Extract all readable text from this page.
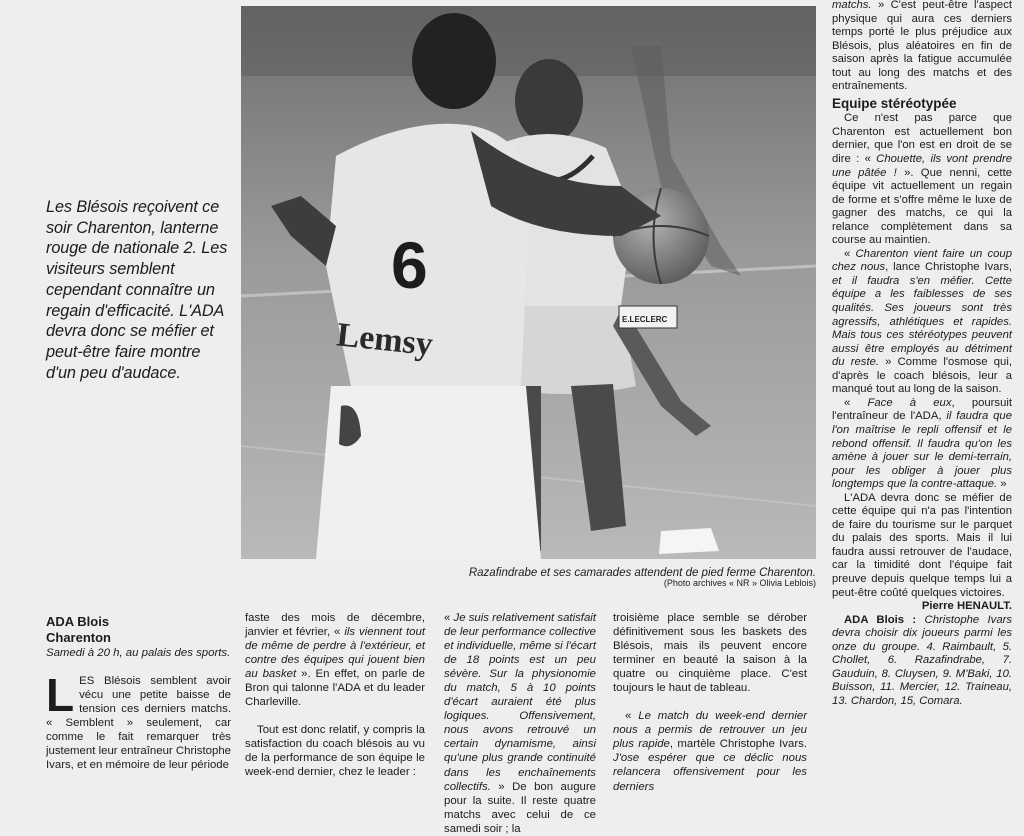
Les Blésois reçoivent ce soir Charenton, lanterne rouge de nationale 2. Les visiteurs semblent cependant connaître un regain d'efficacité. L'ADA devra donc se méfier et peut-être faire montre d'un peu d'audace.
6
Lemsy	E.LECLERC
Razafindrabe et ses camarades attendent de pied ferme Charenton.
(Photo archives « NR » Olivia Leblois)
ADA Blois
Charenton
Samedi à 20 h, au palais des sports.

LES Blésois semblent avoir vécu une petite baisse de tension ces derniers matchs. « Semblent » seulement, car comme le fait remarquer très justement leur entraîneur Christophe Ivars, et en mémoire de leur période

faste des mois de décembre, janvier et février, « ils viennent tout de même de perdre à l'extérieur, et contre des équipes qui jouent bien au basket ». En effet, on parle de Bron qui talonne l'ADA et du leader Charleville.

Tout est donc relatif, y compris la satisfaction du coach blésois au vu de la performance de son équipe le week-end dernier, chez le leader :

« Je suis relativement satisfait de leur performance collective et individuelle, même si l'écart de 18 points est un peu sévère. Sur la physionomie du match, 5 à 10 points d'écart auraient été plus logiques. Offensivement, nous avons retrouvé un certain dynamisme, ainsi qu'une plus grande continuité dans les enchaînements collectifs. » De bon augure pour la suite. Il reste quatre matchs avec celui de ce samedi soir ; la

troisième place semble se dérober définitivement sous les baskets des Blésois, mais ils peuvent encore terminer en beauté la saison à la quatre ou cinquième place. C'est toujours le haut de tableau.

« Le match du week-end dernier nous a permis de retrouver un jeu plus rapide, martèle Christophe Ivars. J'ose espérer que ce déclic nous relancera offensivement pour les derniers

matchs. » C'est peut-être l'aspect physique qui aura ces derniers temps porté le plus préjudice aux Blésois, plus aléatoires en fin de saison après la fatigue accumulée tout au long des matchs et des entraînements.

Equipe stéréotypée

Ce n'est pas parce que Charenton est actuellement bon dernier, que l'on est en droit de se dire : « Chouette, ils vont prendre une pâtée ! ». Que nenni, cette équipe vit actuellement un regain de forme et s'offre même le luxe de gagner des matchs, ce qui la relance complètement dans sa course au maintien.

« Charenton vient faire un coup chez nous, lance Christophe Ivars, et il faudra s'en méfier. Cette équipe a les faiblesses de ses qualités. Ses joueurs sont très agressifs, athlétiques et rapides. Mais tous ces stéréotypes peuvent aussi être employés au détriment du reste. » Comme l'osmose qui, d'après le coach blésois, leur a manqué tout au long de la saison.

« Face à eux, poursuit l'entraîneur de l'ADA, il faudra que l'on maîtrise le repli offensif et le rebond offensif. Il faudra qu'on les amène à jouer sur le demi-terrain, pour les obliger à jouer plus longtemps que la contre-attaque. »

L'ADA devra donc se méfier de cette équipe qui n'a pas l'intention de faire du tourisme sur le parquet du palais des sports. Mais il lui faudra aussi retrouver de l'audace, car la timidité dont l'équipe fait preuve depuis quelque temps lui a peut-être coûté quelques victoires.

Pierre HENAULT.

ADA Blois : Christophe Ivars devra choisir dix joueurs parmi les onze du groupe. 4. Raimbault, 5. Chollet, 6. Razafindrabe, 7. Gauduin, 8. Cluysen, 9. M'Baki, 10. Buisson, 11. Mercier, 12. Traineau, 13. Chardon, 15, Comara.
